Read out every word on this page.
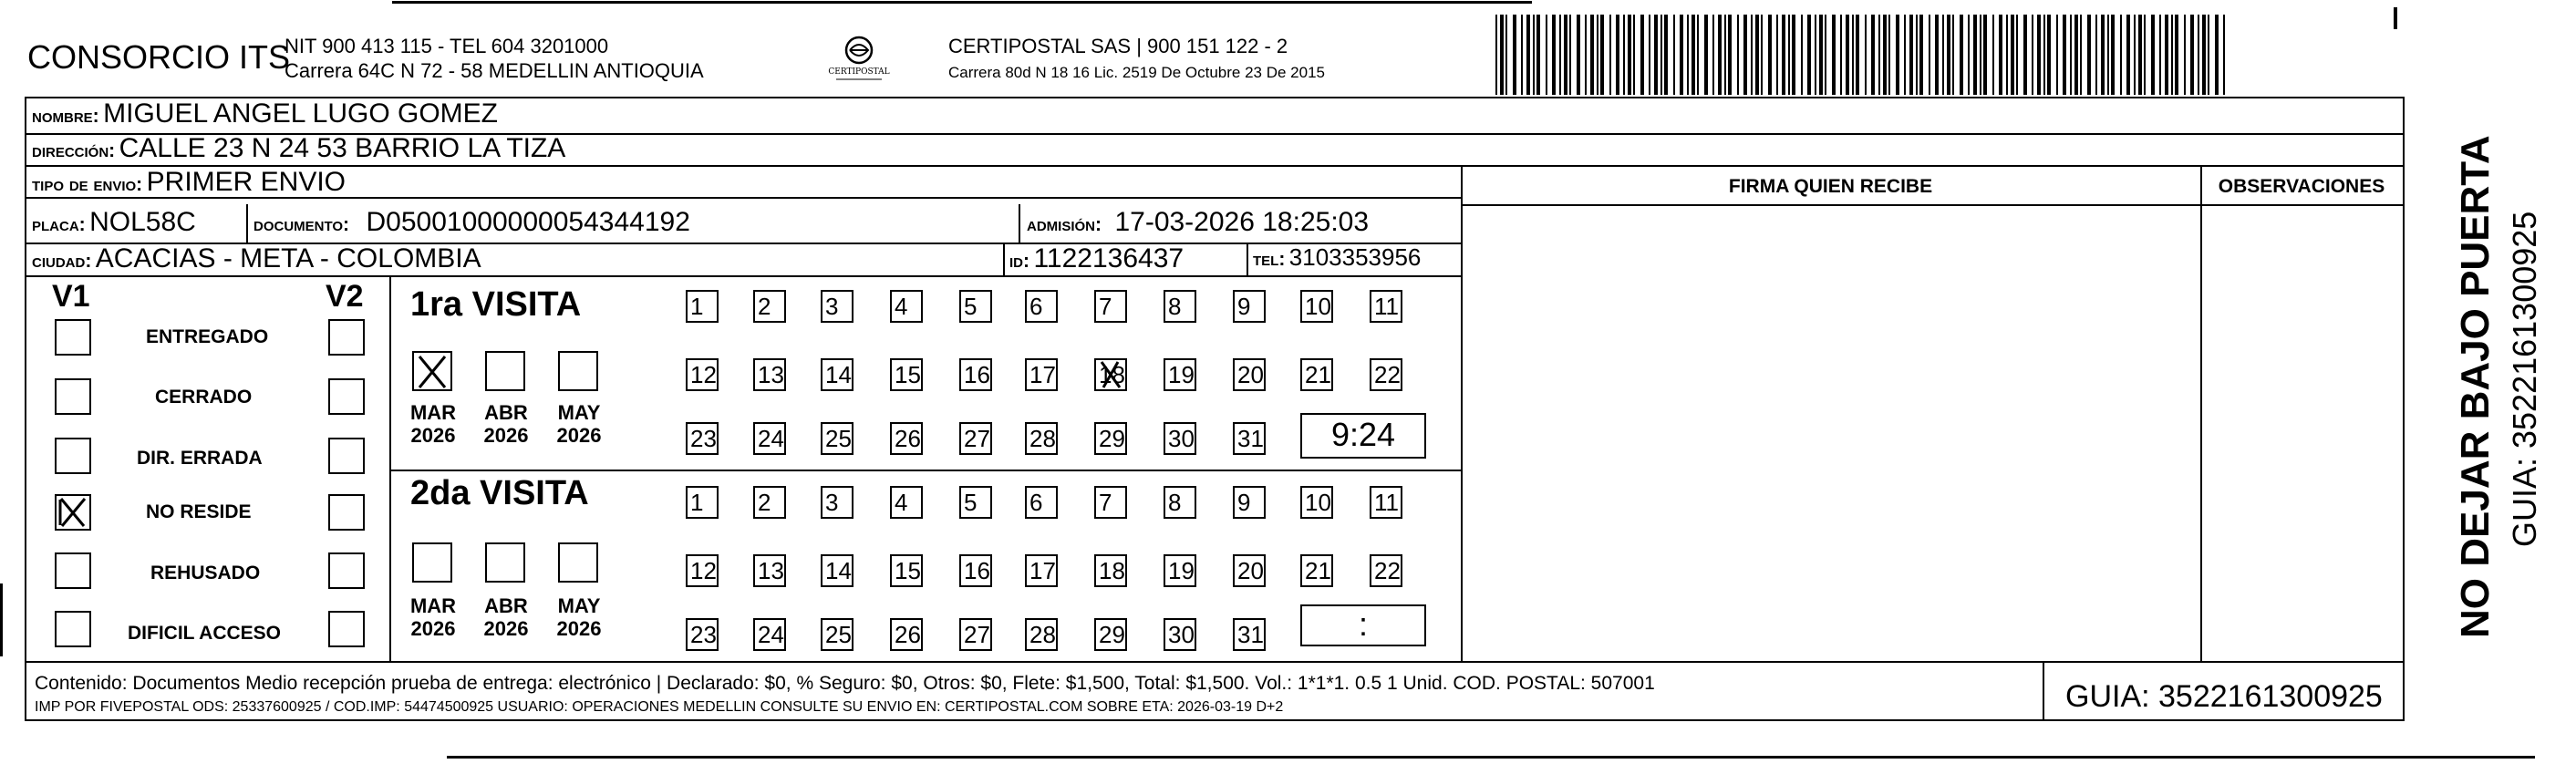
CONSORCIO ITS
NIT 900 413 115 - TEL 604 3201000
Carrera 64C N 72 - 58 MEDELLIN ANTIOQUIA	CERTIPOSTAL
CERTIPOSTAL SAS | 900 151 122 - 2
Carrera 80d N 18 16 Lic. 2519 De Octubre 23 De 2015
nombre: MIGUEL ANGEL LUGO GOMEZ
dirección: CALLE 23 N 24 53 BARRIO LA TIZA
tipo de envio: PRIMER ENVIO	FIRMA QUIEN RECIBE	OBSERVACIONES
placa: NOL58C	documento: D05001000000054344192	admisión: 17-03-2026 18:25:03
ciudad: ACACIAS - META - COLOMBIA	id: 1122136437	tel: 3103353956
V1	V2
ENTREGADO
CERRADO
DIR. ERRADA
NO RESIDE
REHUSADO
DIFICIL ACCESO
1ra VISITA
MAR
2026
ABR
2026
MAY
2026
1	2	3	4	5	6	7	8	9	10 11
12 13 14 15 16 17 18 19 20 21 22
23 24 25 26 27 28 29 30 31	9:24
2da VISITA
MAR
2026
ABR
2026
MAY
2026
1	2	3	4	5	6	7	8	9	10 11
12 13 14 15 16 17 18 19 20 21 22
23 24 25 26 27 28 29 30 31	:
Contenido: Documentos Medio recepción prueba de entrega: electrónico | Declarado: $0, % Seguro: $0, Otros: $0, Flete: $1,500, Total: $1,500. Vol.: 1*1*1. 0.5 1 Unid. COD. POSTAL: 507001
IMP POR FIVEPOSTAL ODS: 25337600925 / COD.IMP: 54474500925 USUARIO: OPERACIONES MEDELLIN CONSULTE SU ENVIO EN: CERTIPOSTAL.COM SOBRE ETA: 2026-03-19 D+2	GUIA: 3522161300925
NO DEJAR BAJO PUERTA GUIA: 3522161300925
